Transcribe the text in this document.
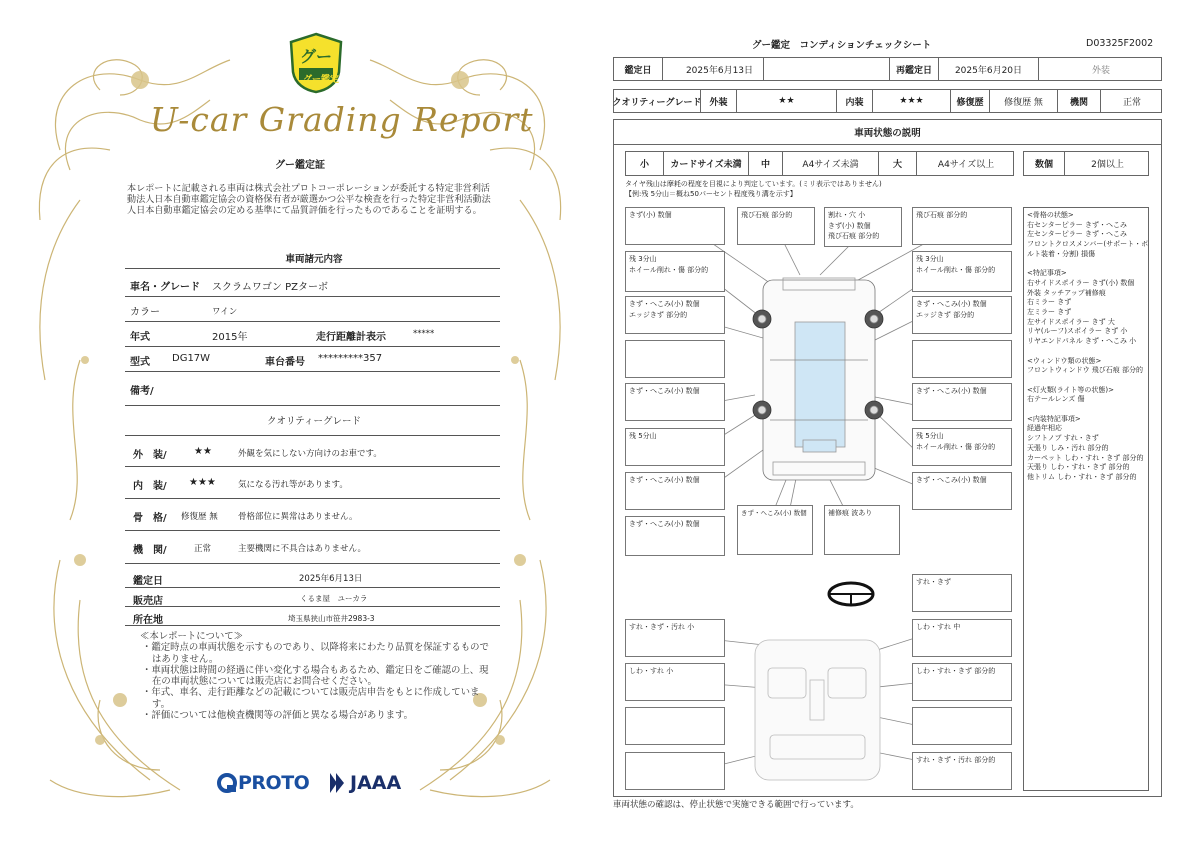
グー
グー鑑定
U-car Grading Report
グー鑑定証
本レポートに記載される車両は株式会社プロトコーポレーションが委託する特定非営利活動法人日本自動車鑑定協会の資格保有者が厳選かつ公平な検査を行った特定非営利活動法人日本自動車鑑定協会の定める基準にて品質評価を行ったものであることを証明する。
車両諸元内容
車名・グレード スクラムワゴン PZターボ
カラー	ワイン
年式	2015年	走行距離計表示	*****
型式 DG17W	車台番号 *********357
備考/
クオリティーグレード
外　装/	★★	外観を気にしない方向けのお車です。
内　装/ ★★★	気になる汚れ等があります。
骨　格/ 修復歴 無 骨格部位に異常はありません。
機　関/	正常	主要機関に不具合はありません。
鑑定日	2025年6月13日
販売店	くるま屋　ユーカラ
所在地	埼玉県狭山市笹井2983-3
≪本レポートについて≫
・鑑定時点の車両状態を示すものであり、以降将来にわたり品質を保証するものではありません。
・車両状態は時間の経過に伴い変化する場合もあるため、鑑定日をご確認の上、現在の車両状態については販売店にお問合せください。
・年式、車名、走行距離などの記載については販売店申告をもとに作成しています。
・評価については他検査機関等の評価と異なる場合があります。
PROTO JAAA
グー鑑定　コンディションチェックシート	D03325F2002
鑑定日	2025年6月13日	再鑑定日	2025年6月20日	外装
クオリティーグレード 外装	★★	内装	★★★	修復歴	修復歴 無	機関	正常
車両状態の説明
小	カードサイズ未満	中	A4サイズ未満	大	A4サイズ以上	数個	2個以上
タイヤ残山は摩耗の程度を目視により判定しています。(ミリ表示ではありません)
【例:残 5分山＝概ね50パーセント程度残り溝を示す】
<骨格の状態>
右センターピラー きず・へこみ
左センターピラー きず・へこみ
フロントクロスメンバー(サポート・ボ
ルト装着・分割) 損傷
<特記事項>
右サイドスポイラー きず(小) 数個
外装 タッチアップ補修痕
右ミラー きず
左ミラー きず
左サイドスポイラー きず 大
リヤ(ルーフ)スポイラー きず 小
リヤエンドパネル きず・へこみ 小
<ウィンドウ類の状態>
フロントウィンドウ 飛び石痕 部分的
<灯火類(ライト等の状態)>
右テールレンズ 傷
<内装特記事項>
経過年相応
シフトノブ すれ・きず
天張り しみ・汚れ 部分的
カーペット しわ・すれ・きず 部分的
天張り しわ・すれ・きず 部分的
他トリム しわ・すれ・きず 部分的
きず(小) 数個
残 3分山
ホイール削れ・傷 部分的
きず・へこみ(小) 数個
エッジきず 部分的
きず・へこみ(小) 数個
残 5分山
きず・へこみ(小) 数個
きず・へこみ(小) 数個
飛び石痕 部分的	割れ・穴 小
きず(小) 数個
飛び石痕 部分的
きず・へこみ(小) 数個	補修痕 波あり
飛び石痕 部分的
残 3分山
ホイール削れ・傷 部分的
きず・へこみ(小) 数個
エッジきず 部分的
きず・へこみ(小) 数個
残 5分山
ホイール削れ・傷 部分的
きず・へこみ(小) 数個
すれ・きず
すれ・きず・汚れ 小	しわ・すれ 中
しわ・すれ 小	しわ・すれ・きず 部分的
すれ・きず・汚れ 部分的
車両状態の確認は、停止状態で実施できる範囲で行っています。
